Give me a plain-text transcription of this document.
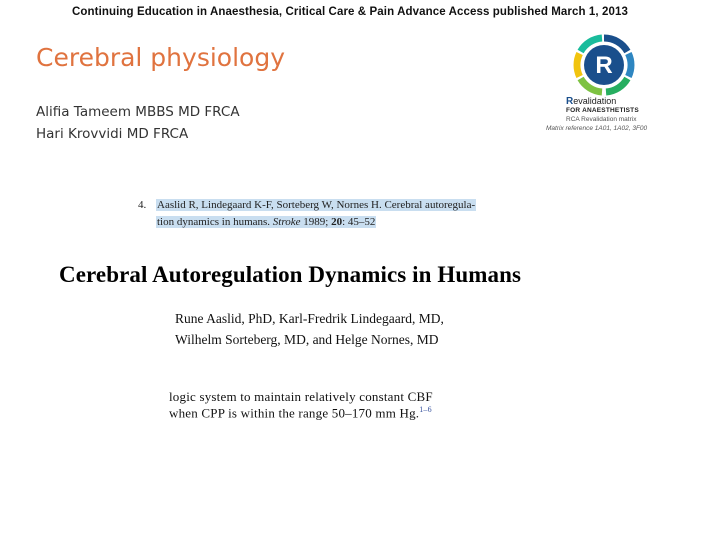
Continuing Education in Anaesthesia, Critical Care & Pain Advance Access published March 1, 2013
Cerebral physiology
Alifia Tameem MBBS MD FRCA
Hari Krovvidi MD FRCA
R
Revalidation
FOR ANAESTHETISTS
RCA Revalidation matrix
Matrix reference 1A01, 1A02, 3F00
4. Aaslid R, Lindegaard K-F, Sorteberg W, Nornes H. Cerebral autoregula-
tion dynamics in humans. Stroke 1989; 20: 45–52
Cerebral Autoregulation Dynamics in Humans
Rune Aaslid, PhD, Karl-Fredrik Lindegaard, MD,
Wilhelm Sorteberg, MD, and Helge Nornes, MD
logic system to maintain relatively constant CBF
when CPP is within the range 50–170 mm Hg.$^{1-6}$
